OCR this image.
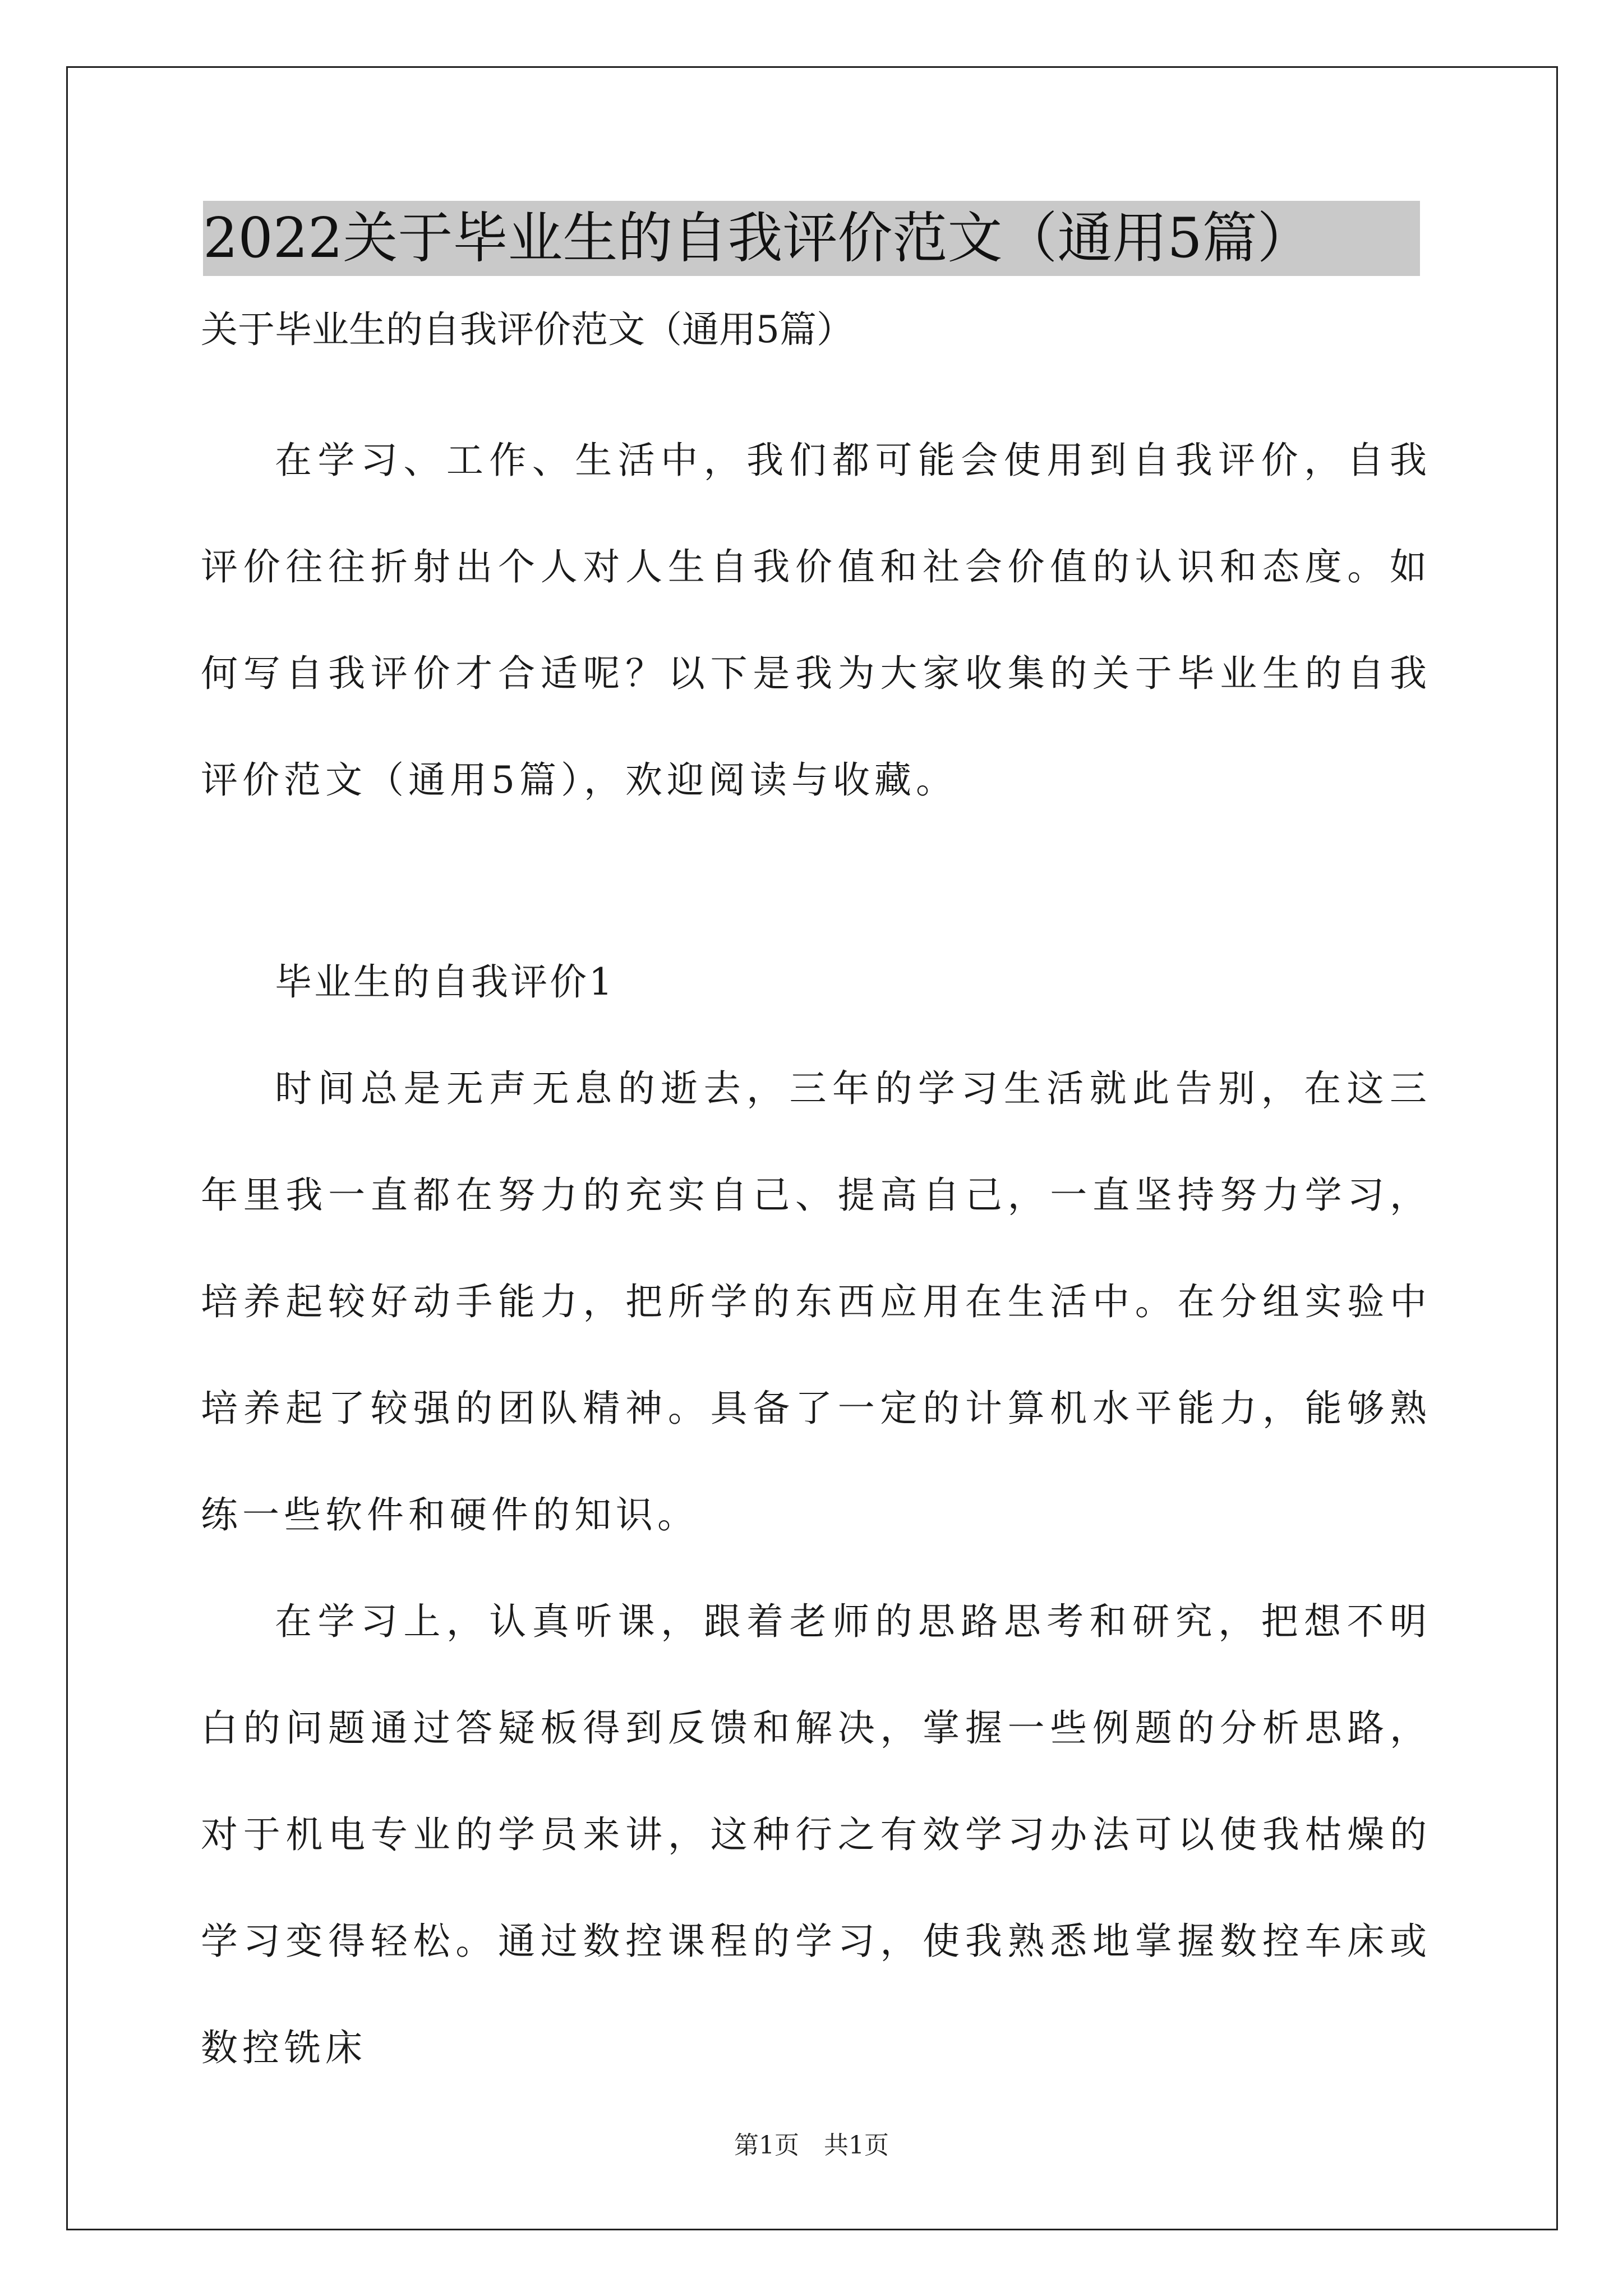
2022关于毕业生的自我评价范文（通用5篇）
关于毕业生的自我评价范文（通用5篇）

在学习、工作、生活中，我们都可能会使用到自我评价，自我评价往往折射出个人对人生自我价值和社会价值的认识和态度。如何写自我评价才合适呢？以下是我为大家收集的关于毕业生的自我评价范文（通用5篇），欢迎阅读与收藏。

毕业生的自我评价1

时间总是无声无息的逝去，三年的学习生活就此告别，在这三年里我一直都在努力的充实自己、提高自己，一直坚持努力学习，培养起较好动手能力，把所学的东西应用在生活中。在分组实验中培养起了较强的团队精神。具备了一定的计算机水平能力，能够熟练一些软件和硬件的知识。

在学习上，认真听课，跟着老师的思路思考和研究，把想不明白的问题通过答疑板得到反馈和解决，掌握一些例题的分析思路，对于机电专业的学员来讲，这种行之有效学习办法可以使我枯燥的学习变得轻松。通过数控课程的学习，使我熟悉地掌握数控车床或数控铣床

第1页　共1页
